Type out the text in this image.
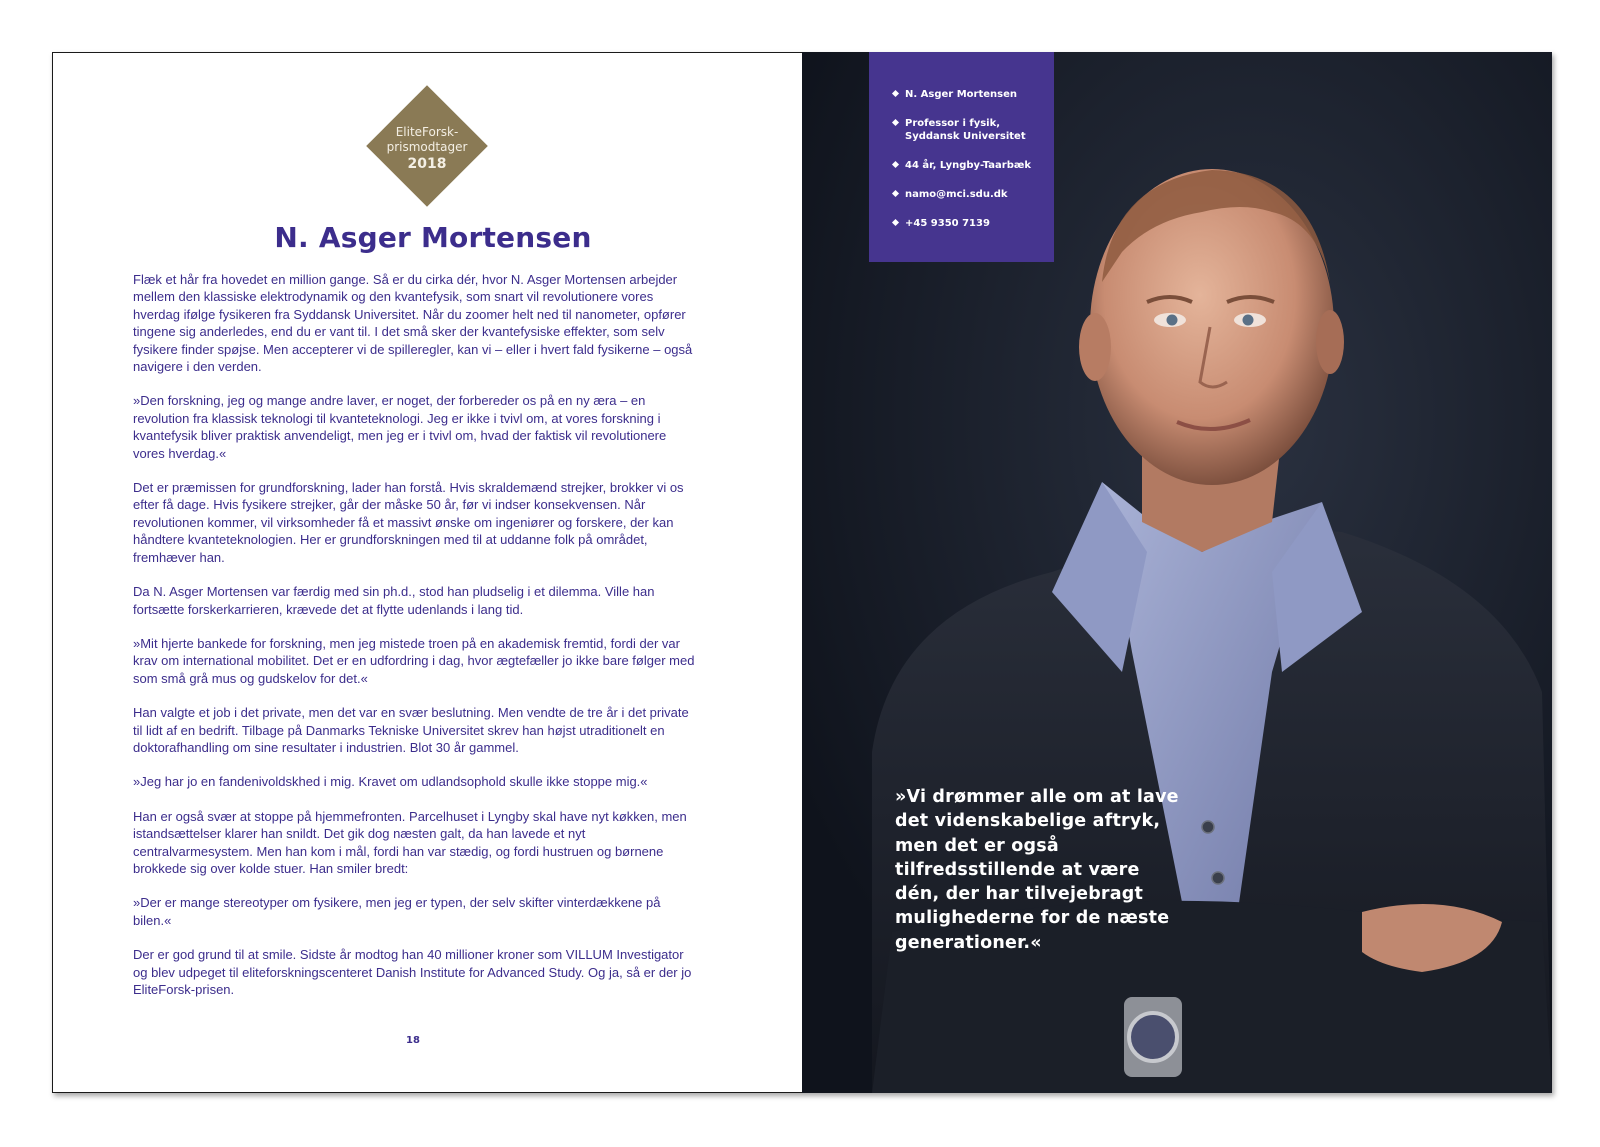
EliteForsk-
prismodtager
2018
N. Asger Mortensen

Flæk et hår fra hovedet en million gange. Så er du cirka dér, hvor N. Asger Mortensen arbejder mellem den klassiske elektrodynamik og den kvantefysik, som snart vil revolutionere vores hverdag ifølge fysikeren fra Syddansk Universitet. Når du zoomer helt ned til nanometer, opfører tingene sig anderledes, end du er vant til. I det små sker der kvantefysiske effekter, som selv fysikere finder spøjse. Men accepterer vi de spilleregler, kan vi – eller i hvert fald fysikerne – også navigere i den verden.

»Den forskning, jeg og mange andre laver, er noget, der forbereder os på en ny æra – en revolution fra klassisk teknologi til kvanteteknologi. Jeg er ikke i tvivl om, at vores forskning i kvantefysik bliver praktisk anvendeligt, men jeg er i tvivl om, hvad der faktisk vil revolutionere vores hverdag.«

Det er præmissen for grundforskning, lader han forstå. Hvis skraldemænd strejker, brokker vi os efter få dage. Hvis fysikere strejker, går der måske 50 år, før vi indser konsekvensen. Når revolutionen kommer, vil virksomheder få et massivt ønske om ingeniører og forskere, der kan håndtere kvanteteknologien. Her er grundforskningen med til at uddanne folk på området, fremhæver han.

Da N. Asger Mortensen var færdig med sin ph.d., stod han pludselig i et dilemma. Ville han fortsætte forskerkarrieren, krævede det at flytte udenlands i lang tid.

»Mit hjerte bankede for forskning, men jeg mistede troen på en akademisk fremtid, fordi der var krav om international mobilitet. Det er en udfordring i dag, hvor ægtefæller jo ikke bare følger med som små grå mus og gudskelov for det.«

Han valgte et job i det private, men det var en svær beslutning. Men vendte de tre år i det private til lidt af en bedrift. Tilbage på Danmarks Tekniske Universitet skrev han højst utraditionelt en doktorafhandling om sine resultater i industrien. Blot 30 år gammel.

»Jeg har jo en fandenivoldskhed i mig. Kravet om udlandsophold skulle ikke stoppe mig.«

Han er også svær at stoppe på hjemmefronten. Parcelhuset i Lyngby skal have nyt køkken, men istandsættelser klarer han snildt. Det gik dog næsten galt, da han lavede et nyt centralvarmesystem. Men han kom i mål, fordi han var stædig, og fordi hustruen og børnene brokkede sig over kolde stuer. Han smiler bredt:

»Der er mange stereotyper om fysikere, men jeg er typen, der selv skifter vinterdækkene på bilen.«

Der er god grund til at smile. Sidste år modtog han 40 millioner kroner som VILLUM Investigator og blev udpeget til eliteforskningscenteret Danish Institute for Advanced Study. Og ja, så er der jo EliteForsk-prisen.

18
N. Asger Mortensen
Professor i fysik,
Syddansk Universitet
44 år, Lyngby-Taarbæk
namo@mci.sdu.dk
+45 9350 7139

»Vi drømmer alle om at lave det videnskabelige aftryk, men det er også tilfredsstillende at være dén, der har tilvejebragt mulighederne for de næste generationer.«
